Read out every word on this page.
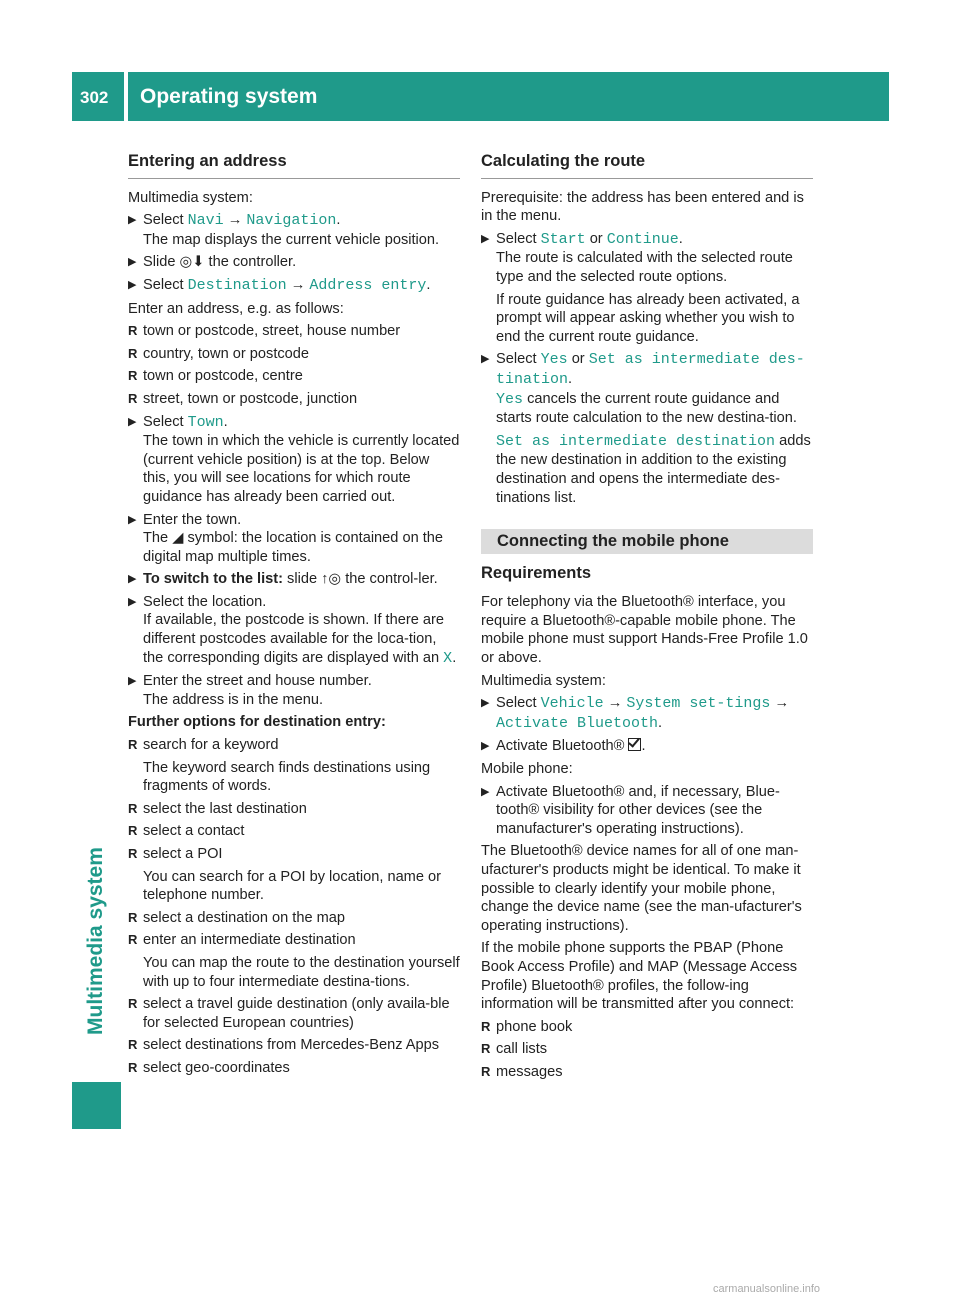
302 Operating system
Multimedia system
Entering an address

Multimedia system:

▶ Select Navi → Navigation.
The map displays the current vehicle position.
▶ Slide ◎⬇ the controller.
▶ Select Destination → Address entry.

Enter an address, e.g. as follows:

R town or postcode, street, house number
R country, town or postcode
R town or postcode, centre
R street, town or postcode, junction
▶ Select Town.
The town in which the vehicle is currently located (current vehicle position) is at the top. Below this, you will see locations for which route guidance has already been carried out.
▶ Enter the town.
The ◢ symbol: the location is contained on the digital map multiple times.
▶ To switch to the list: slide ↑◎ the control-ler.
▶ Select the location.
If available, the postcode is shown. If there are different postcodes available for the loca-tion, the corresponding digits are displayed with an X.
▶ Enter the street and house number.
The address is in the menu.

Further options for destination entry:

R search for a keyword
The keyword search finds destinations using fragments of words.
R select the last destination
R select a contact
R select a POI
You can search for a POI by location, name or telephone number.
R select a destination on the map
R enter an intermediate destination
You can map the route to the destination yourself with up to four intermediate destina-tions.
R select a travel guide destination (only availa-ble for selected European countries)
R select destinations from Mercedes-Benz Apps
R select geo-coordinates
Calculating the route

Prerequisite: the address has been entered and is in the menu.

▶ Select Start or Continue.
The route is calculated with the selected route type and the selected route options.
If route guidance has already been activated, a prompt will appear asking whether you wish to end the current route guidance.
▶ Select Yes or Set as intermediate des-tination.
Yes cancels the current route guidance and starts route calculation to the new destina-tion.
Set as intermediate destination adds the new destination in addition to the existing destination and opens the intermediate des-tinations list.
Connecting the mobile phone
Requirements

For telephony via the Bluetooth® interface, you require a Bluetooth®-capable mobile phone. The mobile phone must support Hands-Free Profile 1.0 or above.

Multimedia system:

▶ Select Vehicle → System set-tings → Activate Bluetooth.
▶ Activate Bluetooth® .

Mobile phone:

▶ Activate Bluetooth® and, if necessary, Blue-tooth® visibility for other devices (see the manufacturer's operating instructions).

The Bluetooth® device names for all of one man-ufacturer's products might be identical. To make it possible to clearly identify your mobile phone, change the device name (see the man-ufacturer's operating instructions).

If the mobile phone supports the PBAP (Phone Book Access Profile) and MAP (Message Access Profile) Bluetooth® profiles, the follow-ing information will be transmitted after you connect:

R phone book
R call lists
R messages
carmanualsonline.info
